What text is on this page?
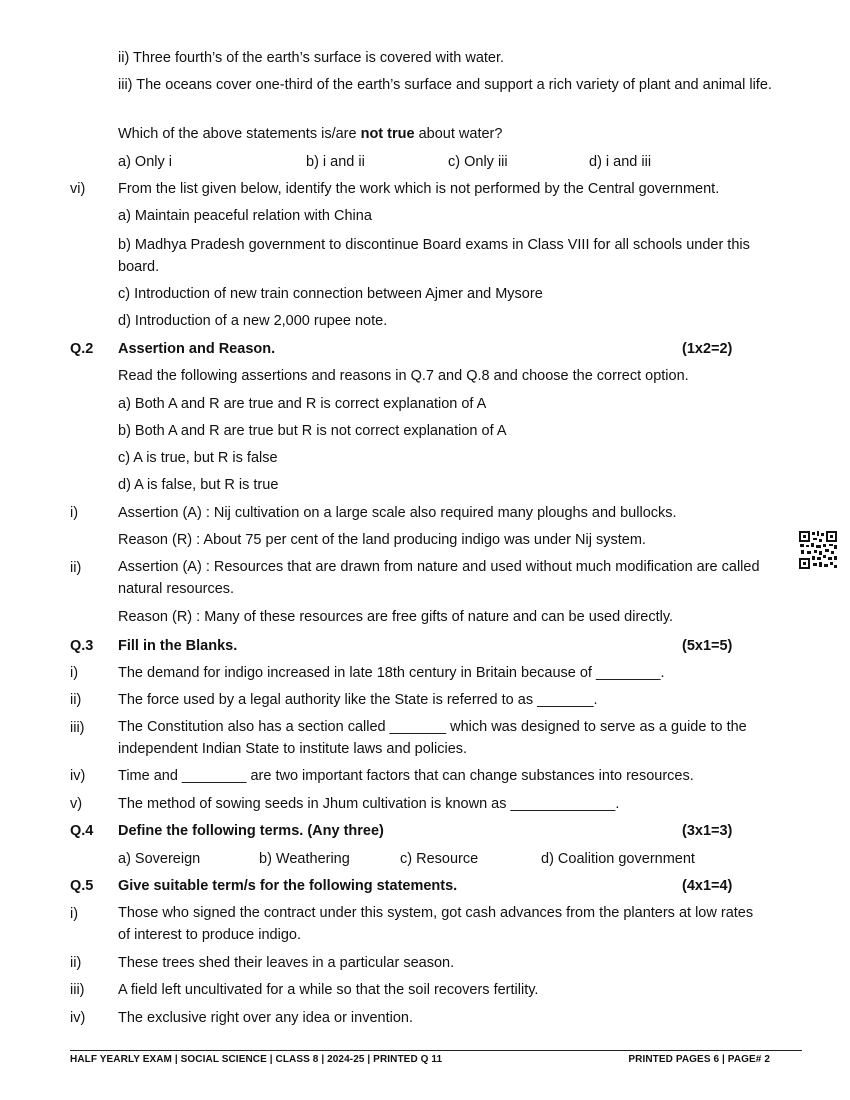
ii) Three fourth’s of the earth’s surface is covered with water.
iii) The oceans cover one-third of the earth’s surface and support a rich variety of plant and animal life.
Which of the above statements is/are not true about water?
a) Only i	b) i and ii	c) Only iii	d) i and iii
vi) From the list given below, identify the work which is not performed by the Central government.
a) Maintain peaceful relation with China
b) Madhya Pradesh government to discontinue Board exams in Class VIII for all schools under this board.
c) Introduction of new train connection between Ajmer and Mysore
d) Introduction of a new 2,000 rupee note.
Q.2 Assertion and Reason.	(1x2=2)
Read the following assertions and reasons in Q.7 and Q.8 and choose the correct option.
a) Both A and R are true and R is correct explanation of A
b) Both A and R are true but R is not correct explanation of A
c) A is true, but R is false
d) A is false, but R is true
i)	Assertion (A) : Nij cultivation on a large scale also required many ploughs and bullocks.
Reason (R) : About 75 per cent of the land producing indigo was under Nij system.
ii)	Assertion (A) : Resources that are drawn from nature and used without much modification are called natural resources.
Reason (R) : Many of these resources are free gifts of nature and can be used directly.
Q.3 Fill in the Blanks.	(5x1=5)
i)	The demand for indigo increased in late 18th century in Britain because of ________.
ii)	The force used by a legal authority like the State is referred to as _______.
iii) The Constitution also has a section called _______ which was designed to serve as a guide to the independent Indian State to institute laws and policies.
iv) Time and ________ are two important factors that can change substances into resources.
v) The method of sowing seeds in Jhum cultivation is known as _____________.
Q.4 Define the following terms. (Any three)	(3x1=3)
a) Sovereign	b) Weathering	c) Resource	d) Coalition government
Q.5 Give suitable term/s for the following statements.	(4x1=4)
i)	Those who signed the contract under this system, got cash advances from the planters at low rates of interest to produce indigo.
ii)	These trees shed their leaves in a particular season.
iii) A field left uncultivated for a while so that the soil recovers fertility.
iv) The exclusive right over any idea or invention.
HALF YEARLY EXAM | SOCIAL SCIENCE | CLASS 8 | 2024-25 | PRINTED Q 11	PRINTED PAGES 6 | PAGE# 2
